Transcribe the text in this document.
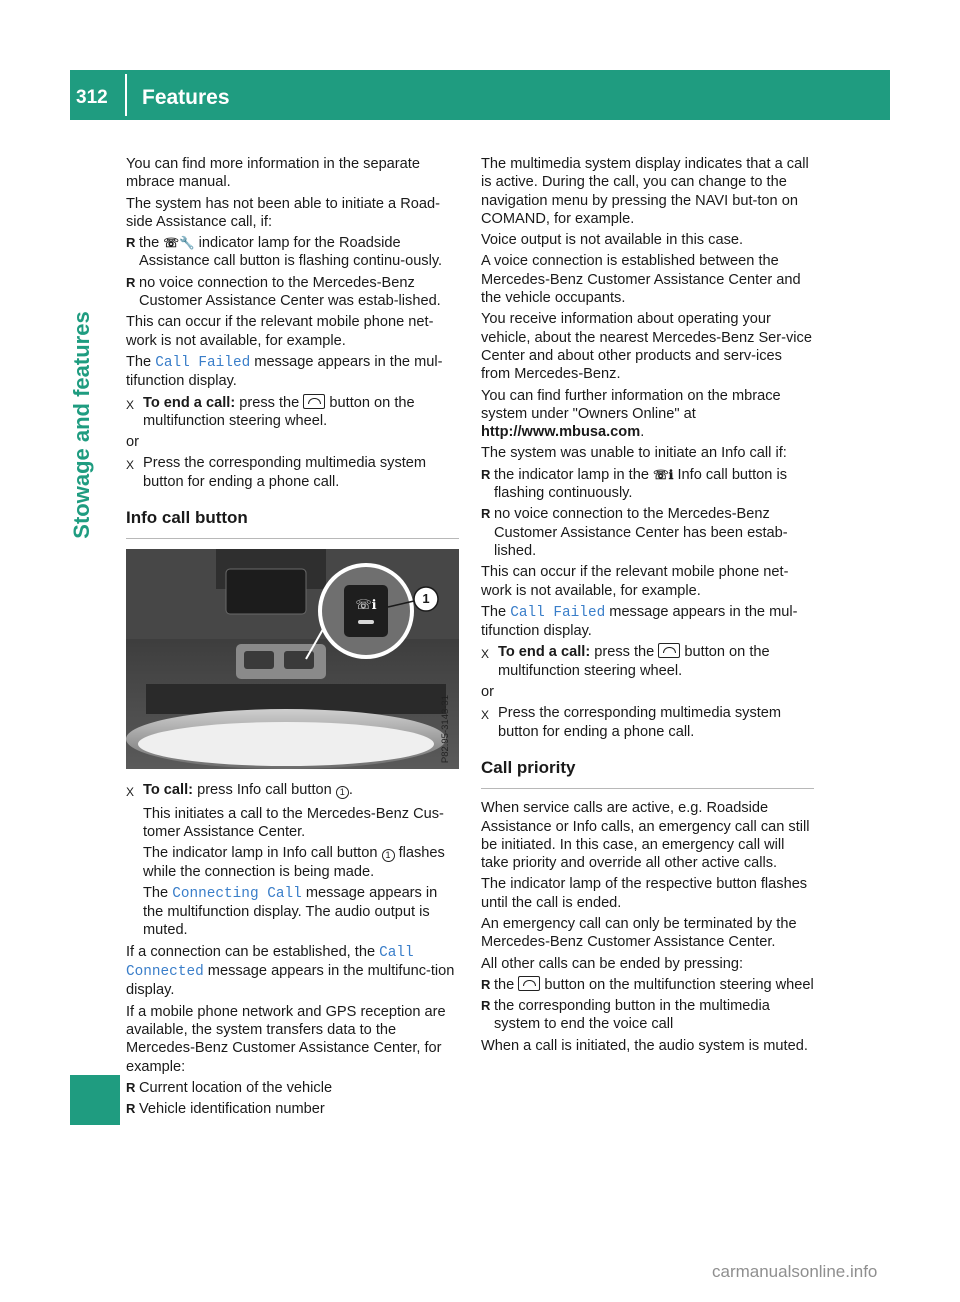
312 Features
Stowage and features

You can find more information in the separate mbrace manual.

The system has not been able to initiate a Road-side Assistance call, if:

R the ☏🔧 indicator lamp for the Roadside Assistance call button is flashing continu-ously.
R no voice connection to the Mercedes-Benz Customer Assistance Center was estab-lished.

This can occur if the relevant mobile phone net-work is not available, for example.

The Call Failed message appears in the mul-tifunction display.

X To end a call: press the button on the multifunction steering wheel.

or

X Press the corresponding multimedia system button for ending a phone call.
Info call button
☏ℹ	1
P82.95-3143-31
X To call: press Info call button 1 .

This initiates a call to the Mercedes-Benz Cus-tomer Assistance Center.

The indicator lamp in Info call button 1 flashes while the connection is being made.

The Connecting Call message appears in the multifunction display. The audio output is muted.

If a connection can be established, the Call Connected message appears in the multifunc-tion display.

If a mobile phone network and GPS reception are available, the system transfers data to the Mercedes-Benz Customer Assistance Center, for example:

R Current location of the vehicle
R Vehicle identification number

The multimedia system display indicates that a call is active. During the call, you can change to the navigation menu by pressing the NAVI but-ton on COMAND, for example.

Voice output is not available in this case.

A voice connection is established between the Mercedes-Benz Customer Assistance Center and the vehicle occupants.

You receive information about operating your vehicle, about the nearest Mercedes-Benz Ser-vice Center and about other products and serv-ices from Mercedes-Benz.

You can find further information on the mbrace system under "Owners Online" at http://www.mbusa.com.

The system was unable to initiate an Info call if:

R the indicator lamp in the ☏ℹ Info call button is flashing continuously.
R no voice connection to the Mercedes-Benz Customer Assistance Center has been estab-lished.

This can occur if the relevant mobile phone net-work is not available, for example.

The Call Failed message appears in the mul-tifunction display.

X To end a call: press the button on the multifunction steering wheel.

or

X Press the corresponding multimedia system button for ending a phone call.
Call priority

When service calls are active, e.g. Roadside Assistance or Info calls, an emergency call can still be initiated. In this case, an emergency call will take priority and override all other active calls.

The indicator lamp of the respective button flashes until the call is ended.

An emergency call can only be terminated by the Mercedes-Benz Customer Assistance Center.

All other calls can be ended by pressing:

R the button on the multifunction steering wheel
R the corresponding button in the multimedia system to end the voice call

When a call is initiated, the audio system is muted.

carmanualsonline.info
